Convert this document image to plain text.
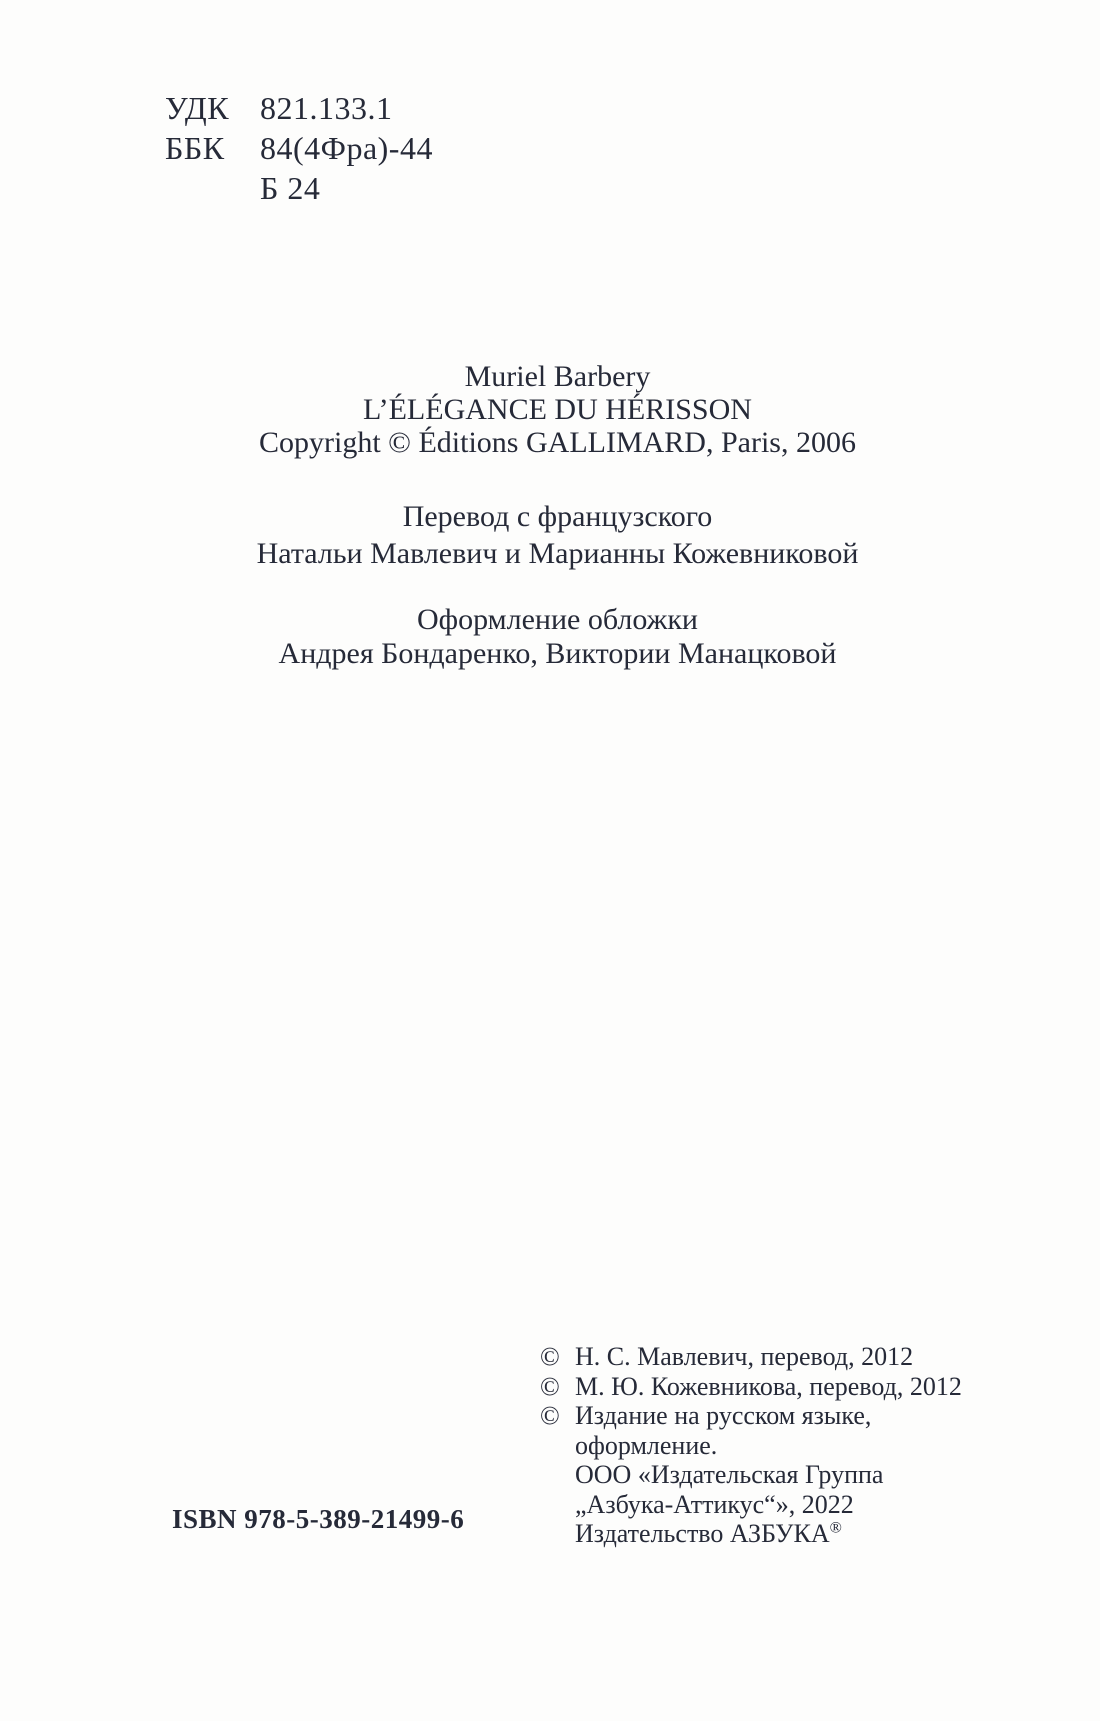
УДК 821.133.1
ББК	84(4Фра)-44
Б 24
Muriel Barbery
L’ÉLÉGANCE DU HÉRISSON
Copyright © Éditions GALLIMARD, Paris, 2006
Перевод с французского
Натальи Мавлевич и Марианны Кожевниковой
Оформление обложки
Андрея Бондаренко, Виктории Манацковой
© Н. С. Мавлевич, перевод, 2012
© М. Ю. Кожевникова, перевод, 2012
© Издание на русском языке,
оформление.
ООО «Издательская Группа
„Азбука-Аттикус“», 2022
Издательство АЗБУКА®
ISBN 978-5-389-21499-6
